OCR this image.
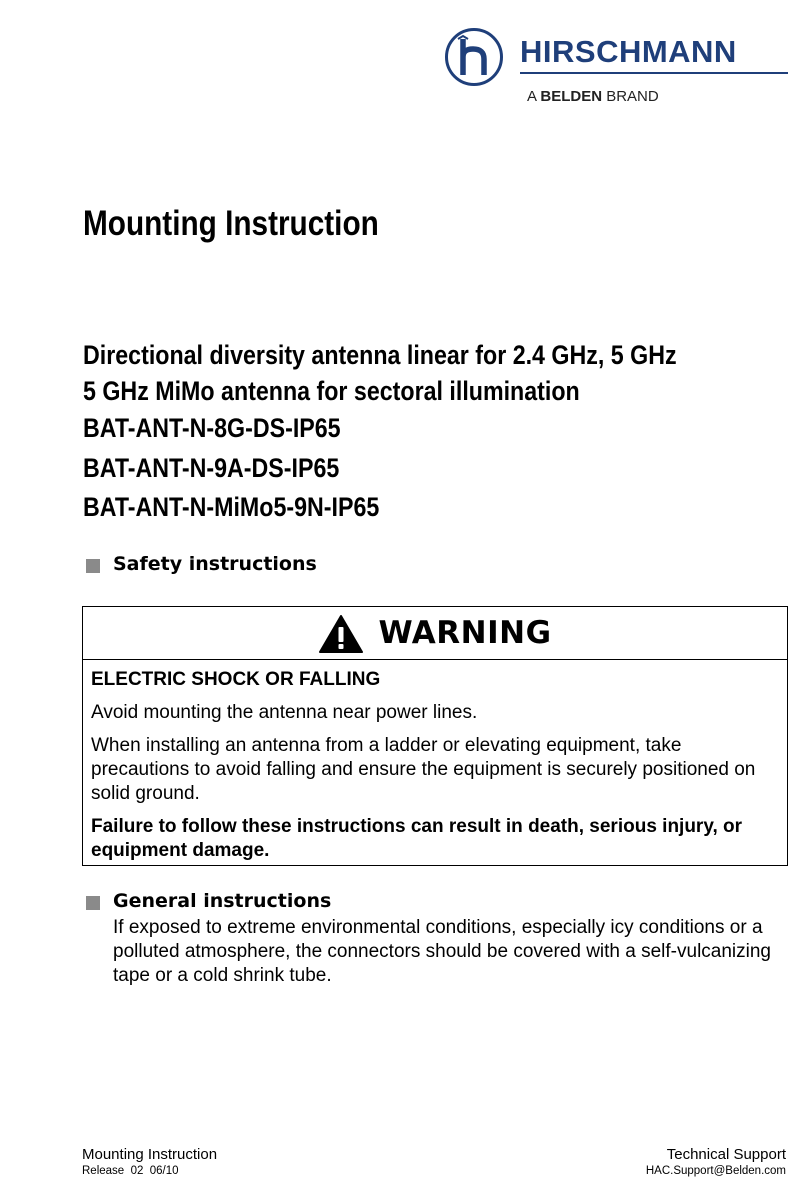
HIRSCHMANN
A BELDEN BRAND
Mounting Instruction
Directional diversity antenna linear for 2.4 GHz, 5 GHz
5 GHz MiMo antenna for sectoral illumination
BAT-ANT-N-8G-DS-IP65
BAT-ANT-N-9A-DS-IP65
BAT-ANT-N-MiMo5-9N-IP65
Safety instructions
WARNING

ELECTRIC SHOCK OR FALLING

Avoid mounting the antenna near power lines.

When installing an antenna from a ladder or elevating equipment, take precautions to avoid falling and ensure the equipment is securely positioned on solid ground.

Failure to follow these instructions can result in death, serious injury, or equipment damage.

General instructions
If exposed to extreme environmental conditions, especially icy conditions or a polluted atmosphere, the connectors should be covered with a self-vulcanizing tape or a cold shrink tube.
Mounting Instruction
Release  02  06/10
Technical Support
HAC.Support@Belden.com
